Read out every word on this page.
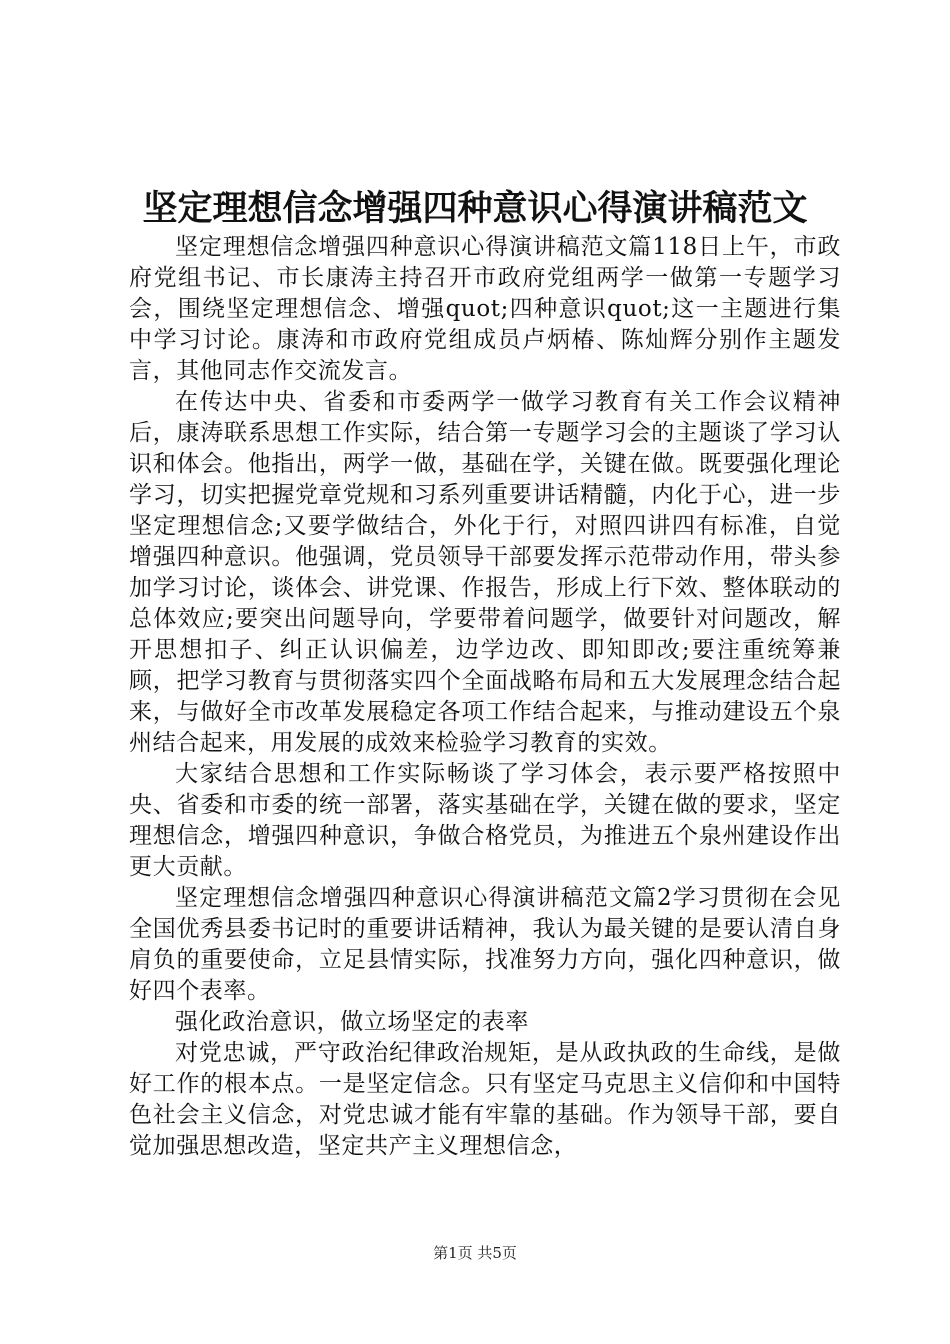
坚定理想信念增强四种意识心得演讲稿范文

坚定理想信念增强四种意识心得演讲稿范文篇118日上午，市政府党组书记、市长康涛主持召开市政府党组两学一做第一专题学习会，围绕坚定理想信念、增强quot;四种意识quot;这一主题进行集中学习讨论。康涛和市政府党组成员卢炳椿、陈灿辉分别作主题发言，其他同志作交流发言。

在传达中央、省委和市委两学一做学习教育有关工作会议精神后，康涛联系思想工作实际，结合第一专题学习会的主题谈了学习认识和体会。他指出，两学一做，基础在学，关键在做。既要强化理论学习，切实把握党章党规和习系列重要讲话精髓，内化于心，进一步坚定理想信念;又要学做结合，外化于行，对照四讲四有标准，自觉增强四种意识。他强调，党员领导干部要发挥示范带动作用，带头参加学习讨论，谈体会、讲党课、作报告，形成上行下效、整体联动的总体效应;要突出问题导向，学要带着问题学，做要针对问题改，解开思想扣子、纠正认识偏差，边学边改、即知即改;要注重统筹兼顾，把学习教育与贯彻落实四个全面战略布局和五大发展理念结合起来，与做好全市改革发展稳定各项工作结合起来，与推动建设五个泉州结合起来，用发展的成效来检验学习教育的实效。

大家结合思想和工作实际畅谈了学习体会，表示要严格按照中央、省委和市委的统一部署，落实基础在学，关键在做的要求，坚定理想信念，增强四种意识，争做合格党员，为推进五个泉州建设作出更大贡献。

坚定理想信念增强四种意识心得演讲稿范文篇2学习贯彻在会见全国优秀县委书记时的重要讲话精神，我认为最关键的是要认清自身肩负的重要使命，立足县情实际，找准努力方向，强化四种意识，做好四个表率。

强化政治意识，做立场坚定的表率

对党忠诚，严守政治纪律政治规矩，是从政执政的生命线，是做好工作的根本点。一是坚定信念。只有坚定马克思主义信仰和中国特色社会主义信念，对党忠诚才能有牢靠的基础。作为领导干部，要自觉加强思想改造，坚定共产主义理想信念，

第1页 共5页
